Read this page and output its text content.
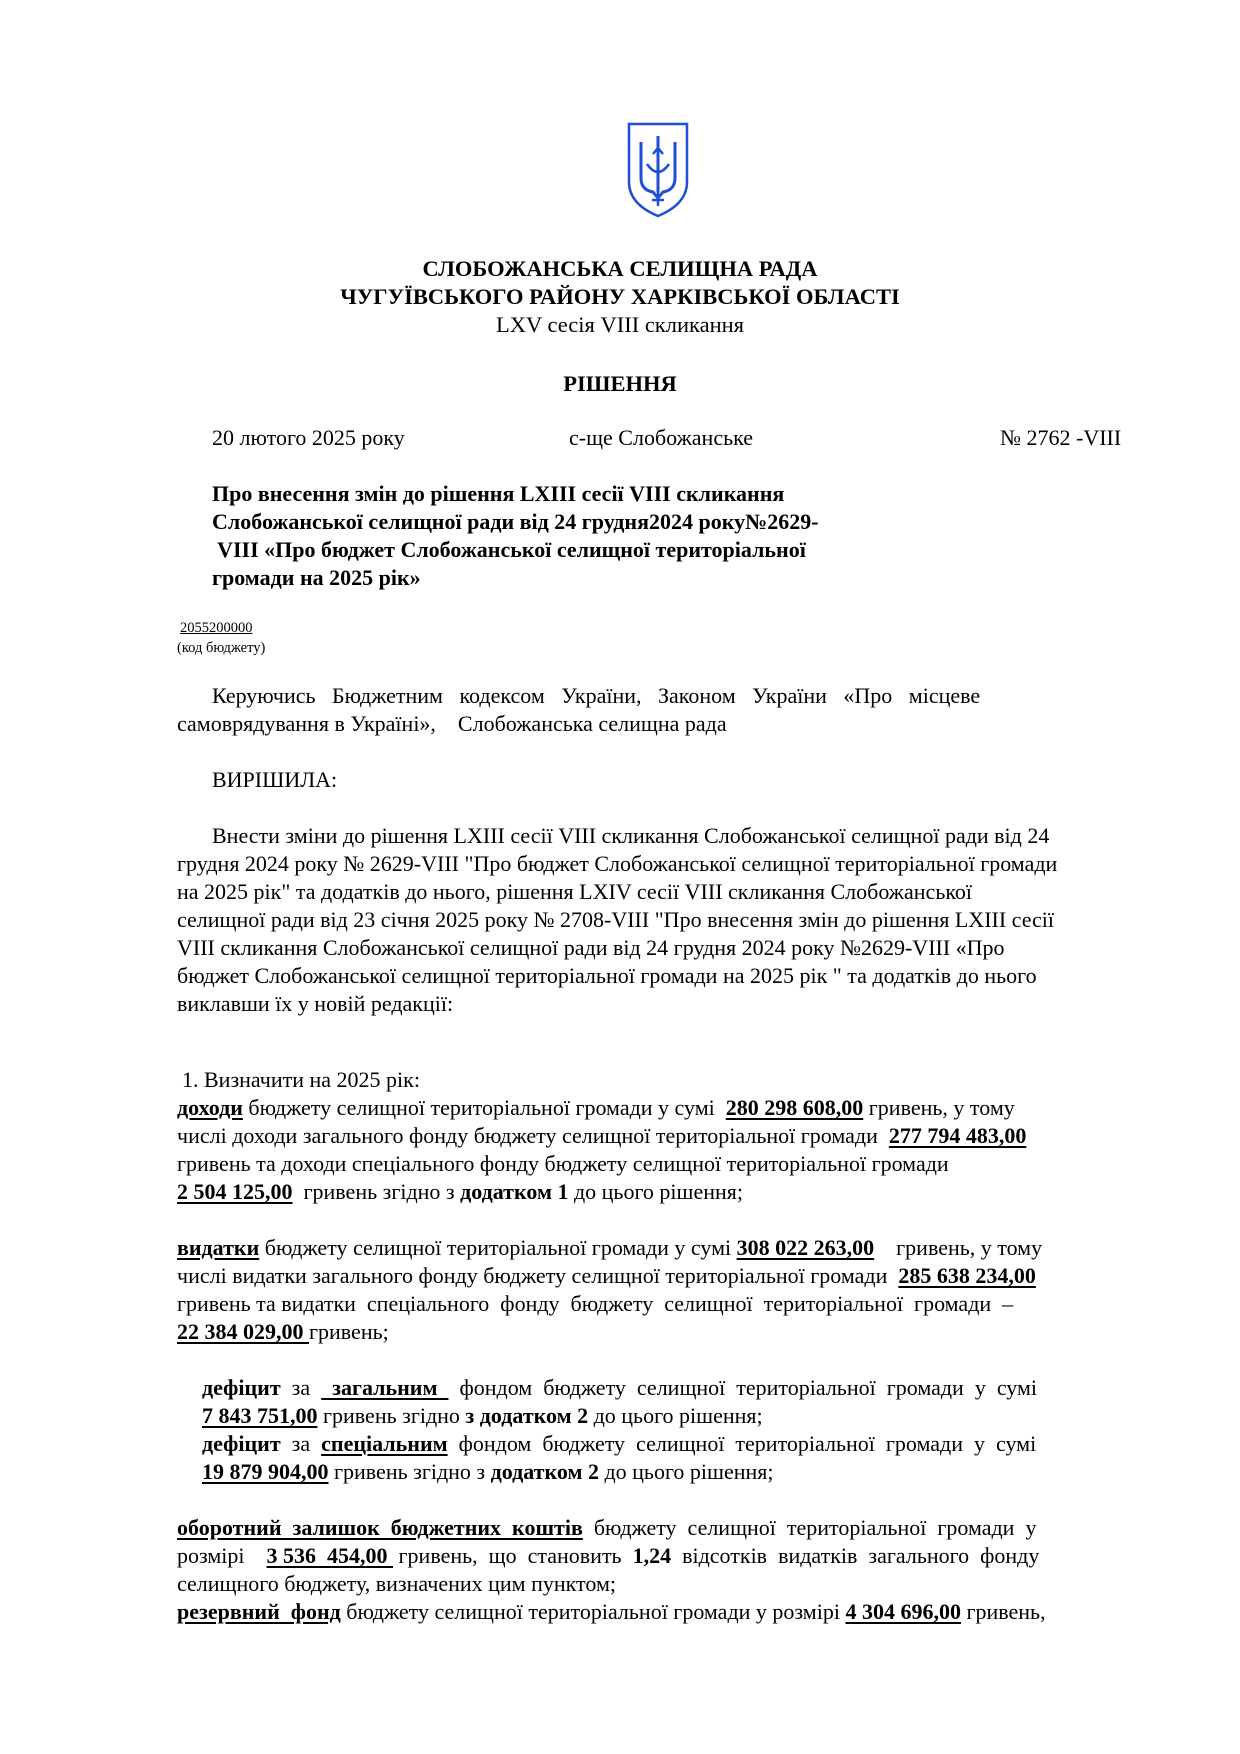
СЛОБОЖАНСЬКА СЕЛИЩНА РАДА
ЧУГУЇВСЬКОГО РАЙОНУ ХАРКІВСЬКОЇ ОБЛАСТІ
LXV сесія VIII скликання
РІШЕННЯ
20 лютого 2025 року	с-ще Слобожанське	№ 2762 -VIII
Про внесення змін до рішення LXIII сесії VIII скликання
Слобожанської селищної ради від 24 грудня2024 року№2629-
VIII «Про бюджет Слобожанської селищної територіальної
громади на 2025 рік»
2055200000
(код бюджету)
Керуючись   Бюджетним   кодексом   України,   Законом   України   «Про   місцеве
самоврядування в Україні»,    Слобожанська селищна рада
ВИРІШИЛА:
Внести зміни до рішення LXIII сесії VIII скликання Слобожанської селищної ради від 24
грудня 2024 року № 2629-VIII "Про бюджет Слобожанської селищної територіальної громади
на 2025 рік" та додатків до нього, рішення LXIV сесії VIII скликання Слобожанської
селищної ради від 23 січня 2025 року № 2708-VIII "Про внесення змін до рішення LXIII сесії
VIII скликання Слобожанської селищної ради від 24 грудня 2024 року №2629-VIII «Про
бюджет Слобожанської селищної територіальної громади на 2025 рік " та додатків до нього
виклавши їх у новій редакції:
1. Визначити на 2025 рік:
доходи бюджету селищної територіальної громади у сумі  280 298 608,00 гривень, у тому
числі доходи загального фонду бюджету селищної територіальної громади  277 794 483,00
гривень та доходи спеціального фонду бюджету селищної територіальної громади
2 504 125,00  гривень згідно з додатком 1 до цього рішення;
видатки бюджету селищної територіальної громади у сумі 308 022 263,00    гривень, у тому
числі видатки загального фонду бюджету селищної територіальної громади  285 638 234,00
гривень та видатки  спеціального  фонду  бюджету  селищної  територіальної  громади  –
22 384 029,00 гривень;
дефіцит  за    загальним    фондом  бюджету  селищної  територіальної  громади  у  сумі
7 843 751,00 гривень згідно з додатком 2 до цього рішення;
дефіцит  за  спеціальним  фондом  бюджету  селищної  територіальної  громади  у  сумі
19 879 904,00 гривень згідно з додатком 2 до цього рішення;
оборотний  залишок  бюджетних  коштів  бюджету  селищної  територіальної  громади  у
розмірі    3 536  454,00  гривень,  що  становить  1,24  відсотків  видатків  загального  фонду
селищного бюджету, визначених цим пунктом;
резервний  фонд бюджету селищної територіальної громади у розмірі 4 304 696,00 гривень,
